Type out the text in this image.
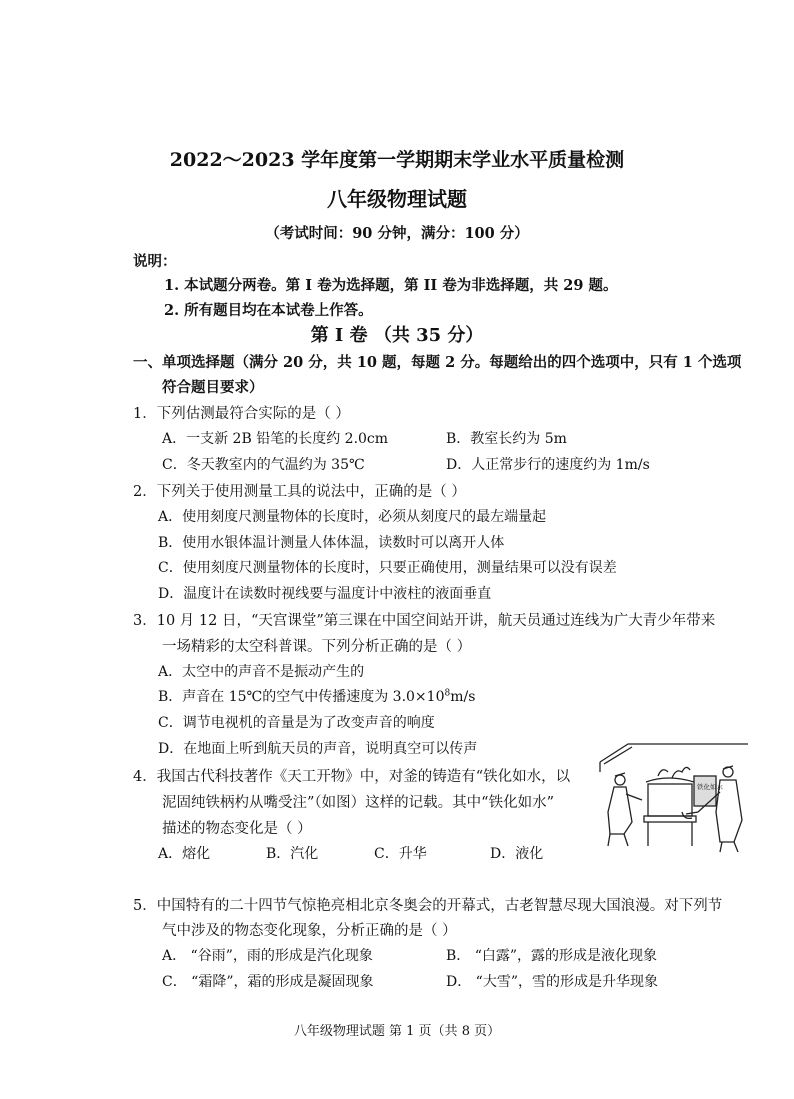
2022～2023 学年度第一学期期末学业水平质量检测
八年级物理试题
（考试时间：90 分钟，满分：100 分）
说明：
1. 本试题分两卷。第 I 卷为选择题，第 II 卷为非选择题，共 29 题。
2. 所有题目均在本试卷上作答。
第 I 卷 （共 35 分）
一、单项选择题（满分 20 分，共 10 题，每题 2 分。每题给出的四个选项中，只有 1 个选项
符合题目要求）
1．下列估测最符合实际的是（ ）
A．一支新 2B 铅笔的长度约 2.0cm	B．教室长约为 5m
C．冬天教室内的气温约为 35℃	D．人正常步行的速度约为 1m/s
2．下列关于使用测量工具的说法中，正确的是（ ）
A．使用刻度尺测量物体的长度时，必须从刻度尺的最左端量起
B．使用水银体温计测量人体体温，读数时可以离开人体
C．使用刻度尺测量物体的长度时，只要正确使用，测量结果可以没有误差
D．温度计在读数时视线要与温度计中液柱的液面垂直
3．10 月 12 日，“天宫课堂”第三课在中国空间站开讲，航天员通过连线为广大青少年带来
一场精彩的太空科普课。下列分析正确的是（ ）
A．太空中的声音不是振动产生的
B．声音在 15℃的空气中传播速度为 $3.0\times 10^8m/s$
C．调节电视机的音量是为了改变声音的响度
D．在地面上听到航天员的声音，说明真空可以传声
4．我国古代科技著作《天工开物》中，对釜的铸造有“铁化如水，以
泥固纯铁柄杓从嘴受注”（如图）这样的记载。其中“铁化如水”
描述的物态变化是（ ）
A．熔化	B．汽化	C．升华	D．液化
铁化如水
5．中国特有的二十四节气惊艳亮相北京冬奥会的开幕式，古老智慧尽现大国浪漫。对下列节
气中涉及的物态变化现象，分析正确的是（ ）
A． “谷雨”，雨的形成是汽化现象	B． “白露”，露的形成是液化现象
C． “霜降”，霜的形成是凝固现象	D． “大雪”，雪的形成是升华现象
八年级物理试题 第 1 页（共 8 页）
